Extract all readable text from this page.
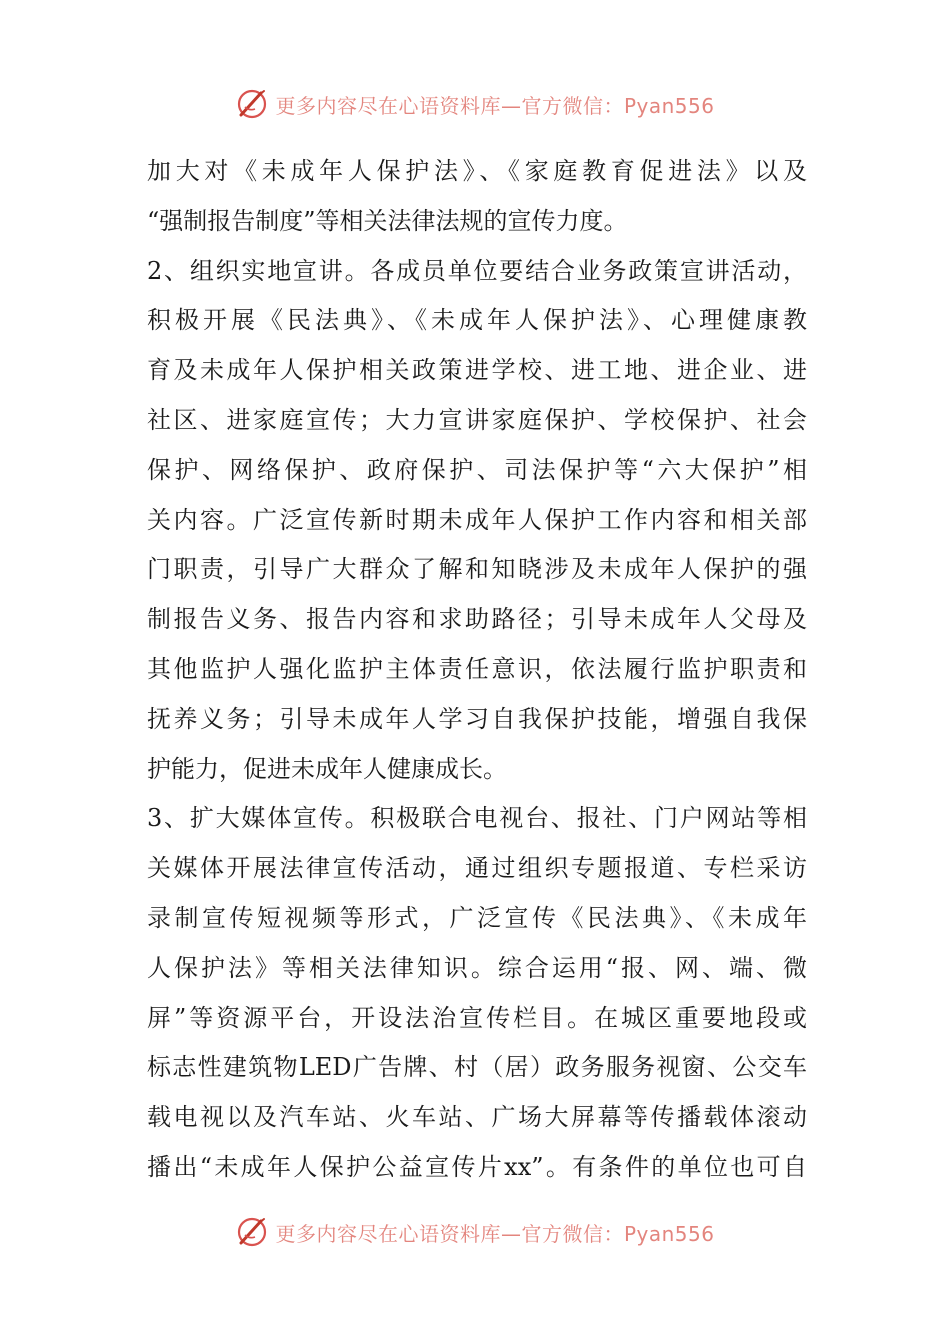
更多内容尽在心语资料库—官方微信：Pyan556
加大对《未成年人保护法》、《家庭教育促进法》以及
“强制报告制度”等相关法律法规的宣传力度。
2、组织实地宣讲。各成员单位要结合业务政策宣讲活动，
积极开展《民法典》、《未成年人保护法》、心理健康教
育及未成年人保护相关政策进学校、进工地、进企业、进
社区、进家庭宣传；大力宣讲家庭保护、学校保护、社会
保护、网络保护、政府保护、司法保护等“六大保护”相
关内容。广泛宣传新时期未成年人保护工作内容和相关部
门职责，引导广大群众了解和知晓涉及未成年人保护的强
制报告义务、报告内容和求助路径；引导未成年人父母及
其他监护人强化监护主体责任意识，依法履行监护职责和
抚养义务；引导未成年人学习自我保护技能，增强自我保
护能力，促进未成年人健康成长。
3、扩大媒体宣传。积极联合电视台、报社、门户网站等相
关媒体开展法律宣传活动，通过组织专题报道、专栏采访
录制宣传短视频等形式，广泛宣传《民法典》、《未成年
人保护法》等相关法律知识。综合运用“报、网、端、微
屏”等资源平台，开设法治宣传栏目。在城区重要地段或
标志性建筑物LED广告牌、村（居）政务服务视窗、公交车
载电视以及汽车站、火车站、广场大屏幕等传播载体滚动
播出“未成年人保护公益宣传片xx”。有条件的单位也可自
更多内容尽在心语资料库—官方微信：Pyan556
